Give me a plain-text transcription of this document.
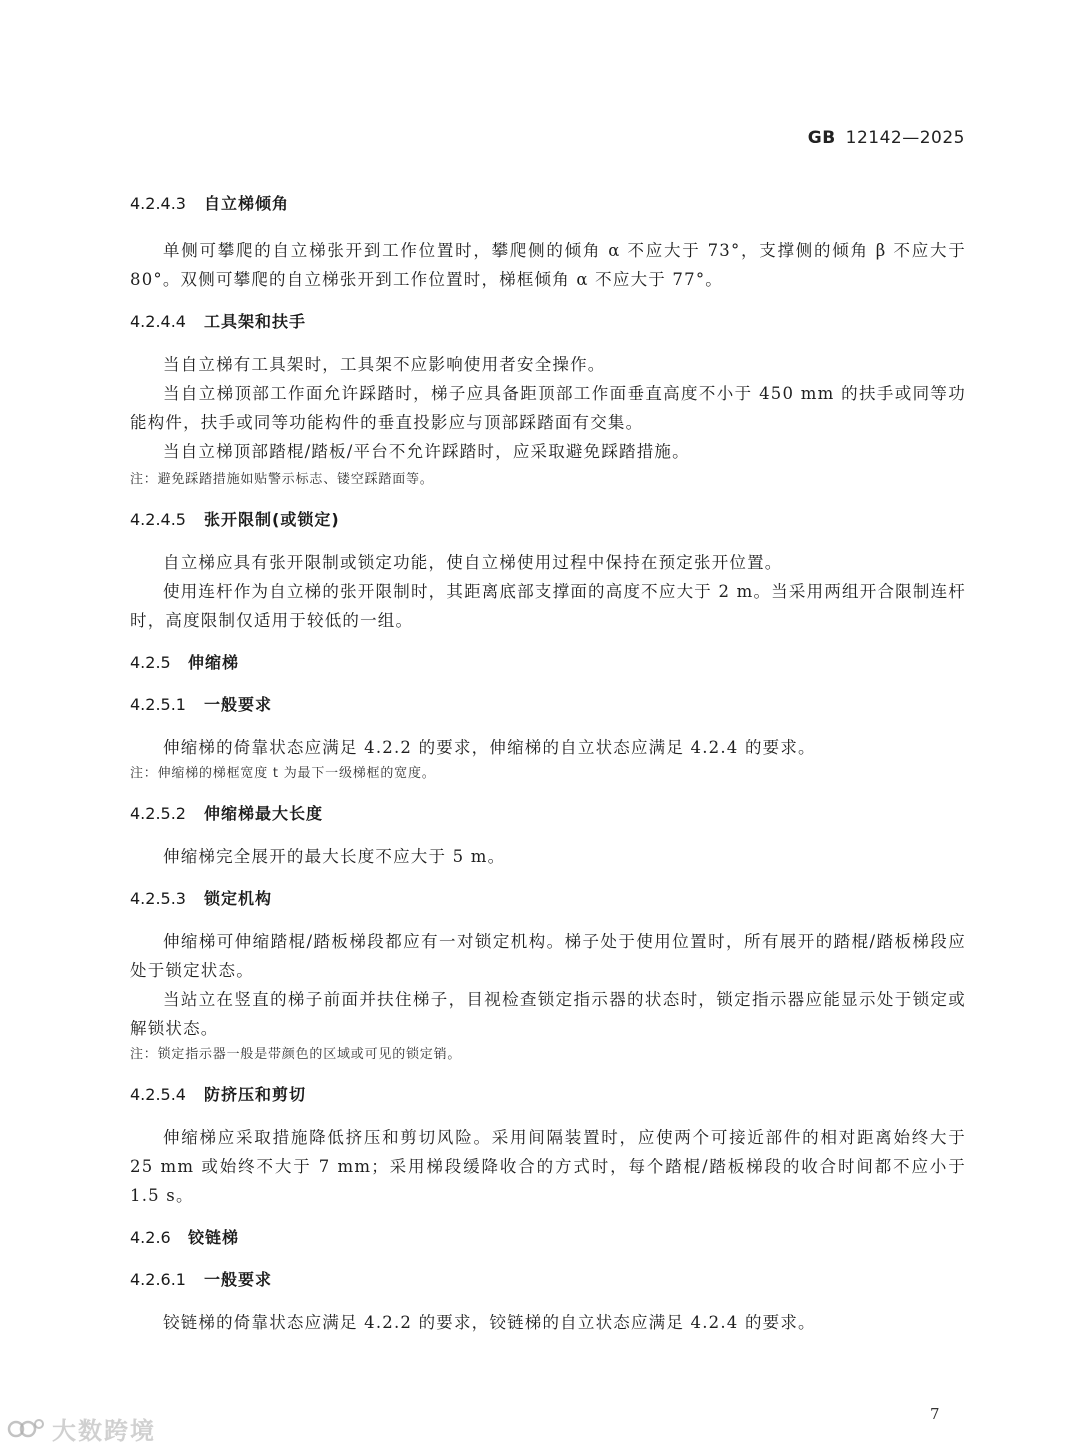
GB 12142—2025
4.2.4.3 自立梯倾角

单侧可攀爬的自立梯张开到工作位置时，攀爬侧的倾角 α 不应大于 73°，支撑侧的倾角 β 不应大于 80°。双侧可攀爬的自立梯张开到工作位置时，梯框倾角 α 不应大于 77°。

4.2.4.4 工具架和扶手

当自立梯有工具架时，工具架不应影响使用者安全操作。

当自立梯顶部工作面允许踩踏时，梯子应具备距顶部工作面垂直高度不小于 450 mm 的扶手或同等功能构件，扶手或同等功能构件的垂直投影应与顶部踩踏面有交集。

当自立梯顶部踏棍/踏板/平台不允许踩踏时，应采取避免踩踏措施。

注：避免踩踏措施如贴警示标志、镂空踩踏面等。

4.2.4.5 张开限制(或锁定)

自立梯应具有张开限制或锁定功能，使自立梯使用过程中保持在预定张开位置。

使用连杆作为自立梯的张开限制时，其距离底部支撑面的高度不应大于 2 m。当采用两组开合限制连杆时，高度限制仅适用于较低的一组。

4.2.5 伸缩梯
4.2.5.1 一般要求

伸缩梯的倚靠状态应满足 4.2.2 的要求，伸缩梯的自立状态应满足 4.2.4 的要求。

注：伸缩梯的梯框宽度 t 为最下一级梯框的宽度。

4.2.5.2 伸缩梯最大长度

伸缩梯完全展开的最大长度不应大于 5 m。

4.2.5.3 锁定机构

伸缩梯可伸缩踏棍/踏板梯段都应有一对锁定机构。梯子处于使用位置时，所有展开的踏棍/踏板梯段应处于锁定状态。

当站立在竖直的梯子前面并扶住梯子，目视检查锁定指示器的状态时，锁定指示器应能显示处于锁定或解锁状态。

注：锁定指示器一般是带颜色的区域或可见的锁定销。

4.2.5.4 防挤压和剪切

伸缩梯应采取措施降低挤压和剪切风险。采用间隔装置时，应使两个可接近部件的相对距离始终大于 25 mm 或始终不大于 7 mm；采用梯段缓降收合的方式时，每个踏棍/踏板梯段的收合时间都不应小于 1.5 s。

4.2.6 铰链梯
4.2.6.1 一般要求

铰链梯的倚靠状态应满足 4.2.2 的要求，铰链梯的自立状态应满足 4.2.4 的要求。

7
大数跨境
